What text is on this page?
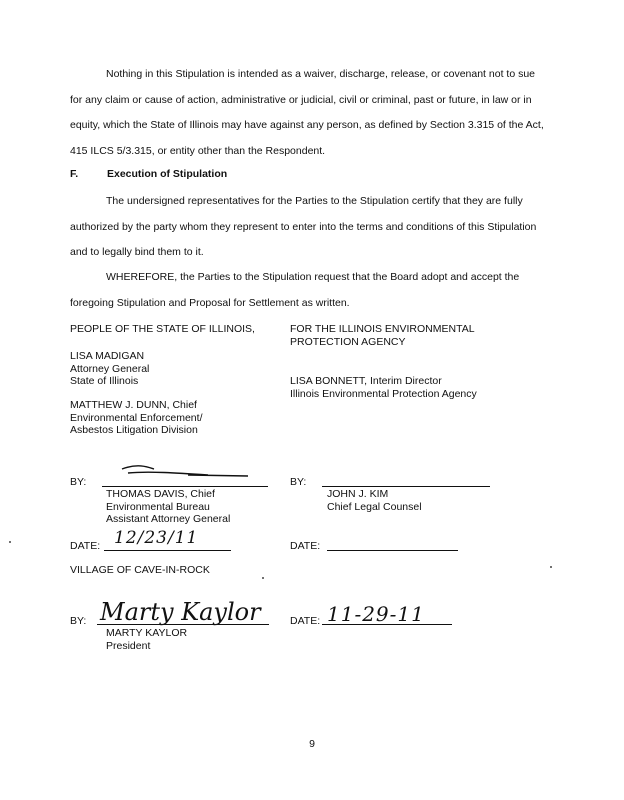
Nothing in this Stipulation is intended as a waiver, discharge, release, or covenant not to sue for any claim or cause of action, administrative or judicial, civil or criminal, past or future, in law or in equity, which the State of Illinois may have against any person, as defined by Section 3.315 of the Act, 415 ILCS 5/3.315, or entity other than the Respondent.

F.	Execution of Stipulation

The undersigned representatives for the Parties to the Stipulation certify that they are fully authorized by the party whom they represent to enter into the terms and conditions of this Stipulation and to legally bind them to it.

WHEREFORE, the Parties to the Stipulation request that the Board adopt and accept the foregoing Stipulation and Proposal for Settlement as written.

PEOPLE OF THE STATE OF ILLINOIS,
LISA MADIGAN
Attorney General
State of Illinois
MATTHEW J. DUNN, Chief
Environmental Enforcement/
Asbestos Litigation Division
FOR THE ILLINOIS ENVIRONMENTAL
PROTECTION AGENCY
LISA BONNETT, Interim Director
Illinois Environmental Protection Agency
BY:
THOMAS DAVIS, Chief
Environmental Bureau
Assistant Attorney General
DATE: 12/23/11
BY:
JOHN J. KIM
Chief Legal Counsel
DATE:
VILLAGE OF CAVE-IN-ROCK
BY: Marty Kaylor
MARTY KAYLOR
President
DATE: 11-29-11
9
